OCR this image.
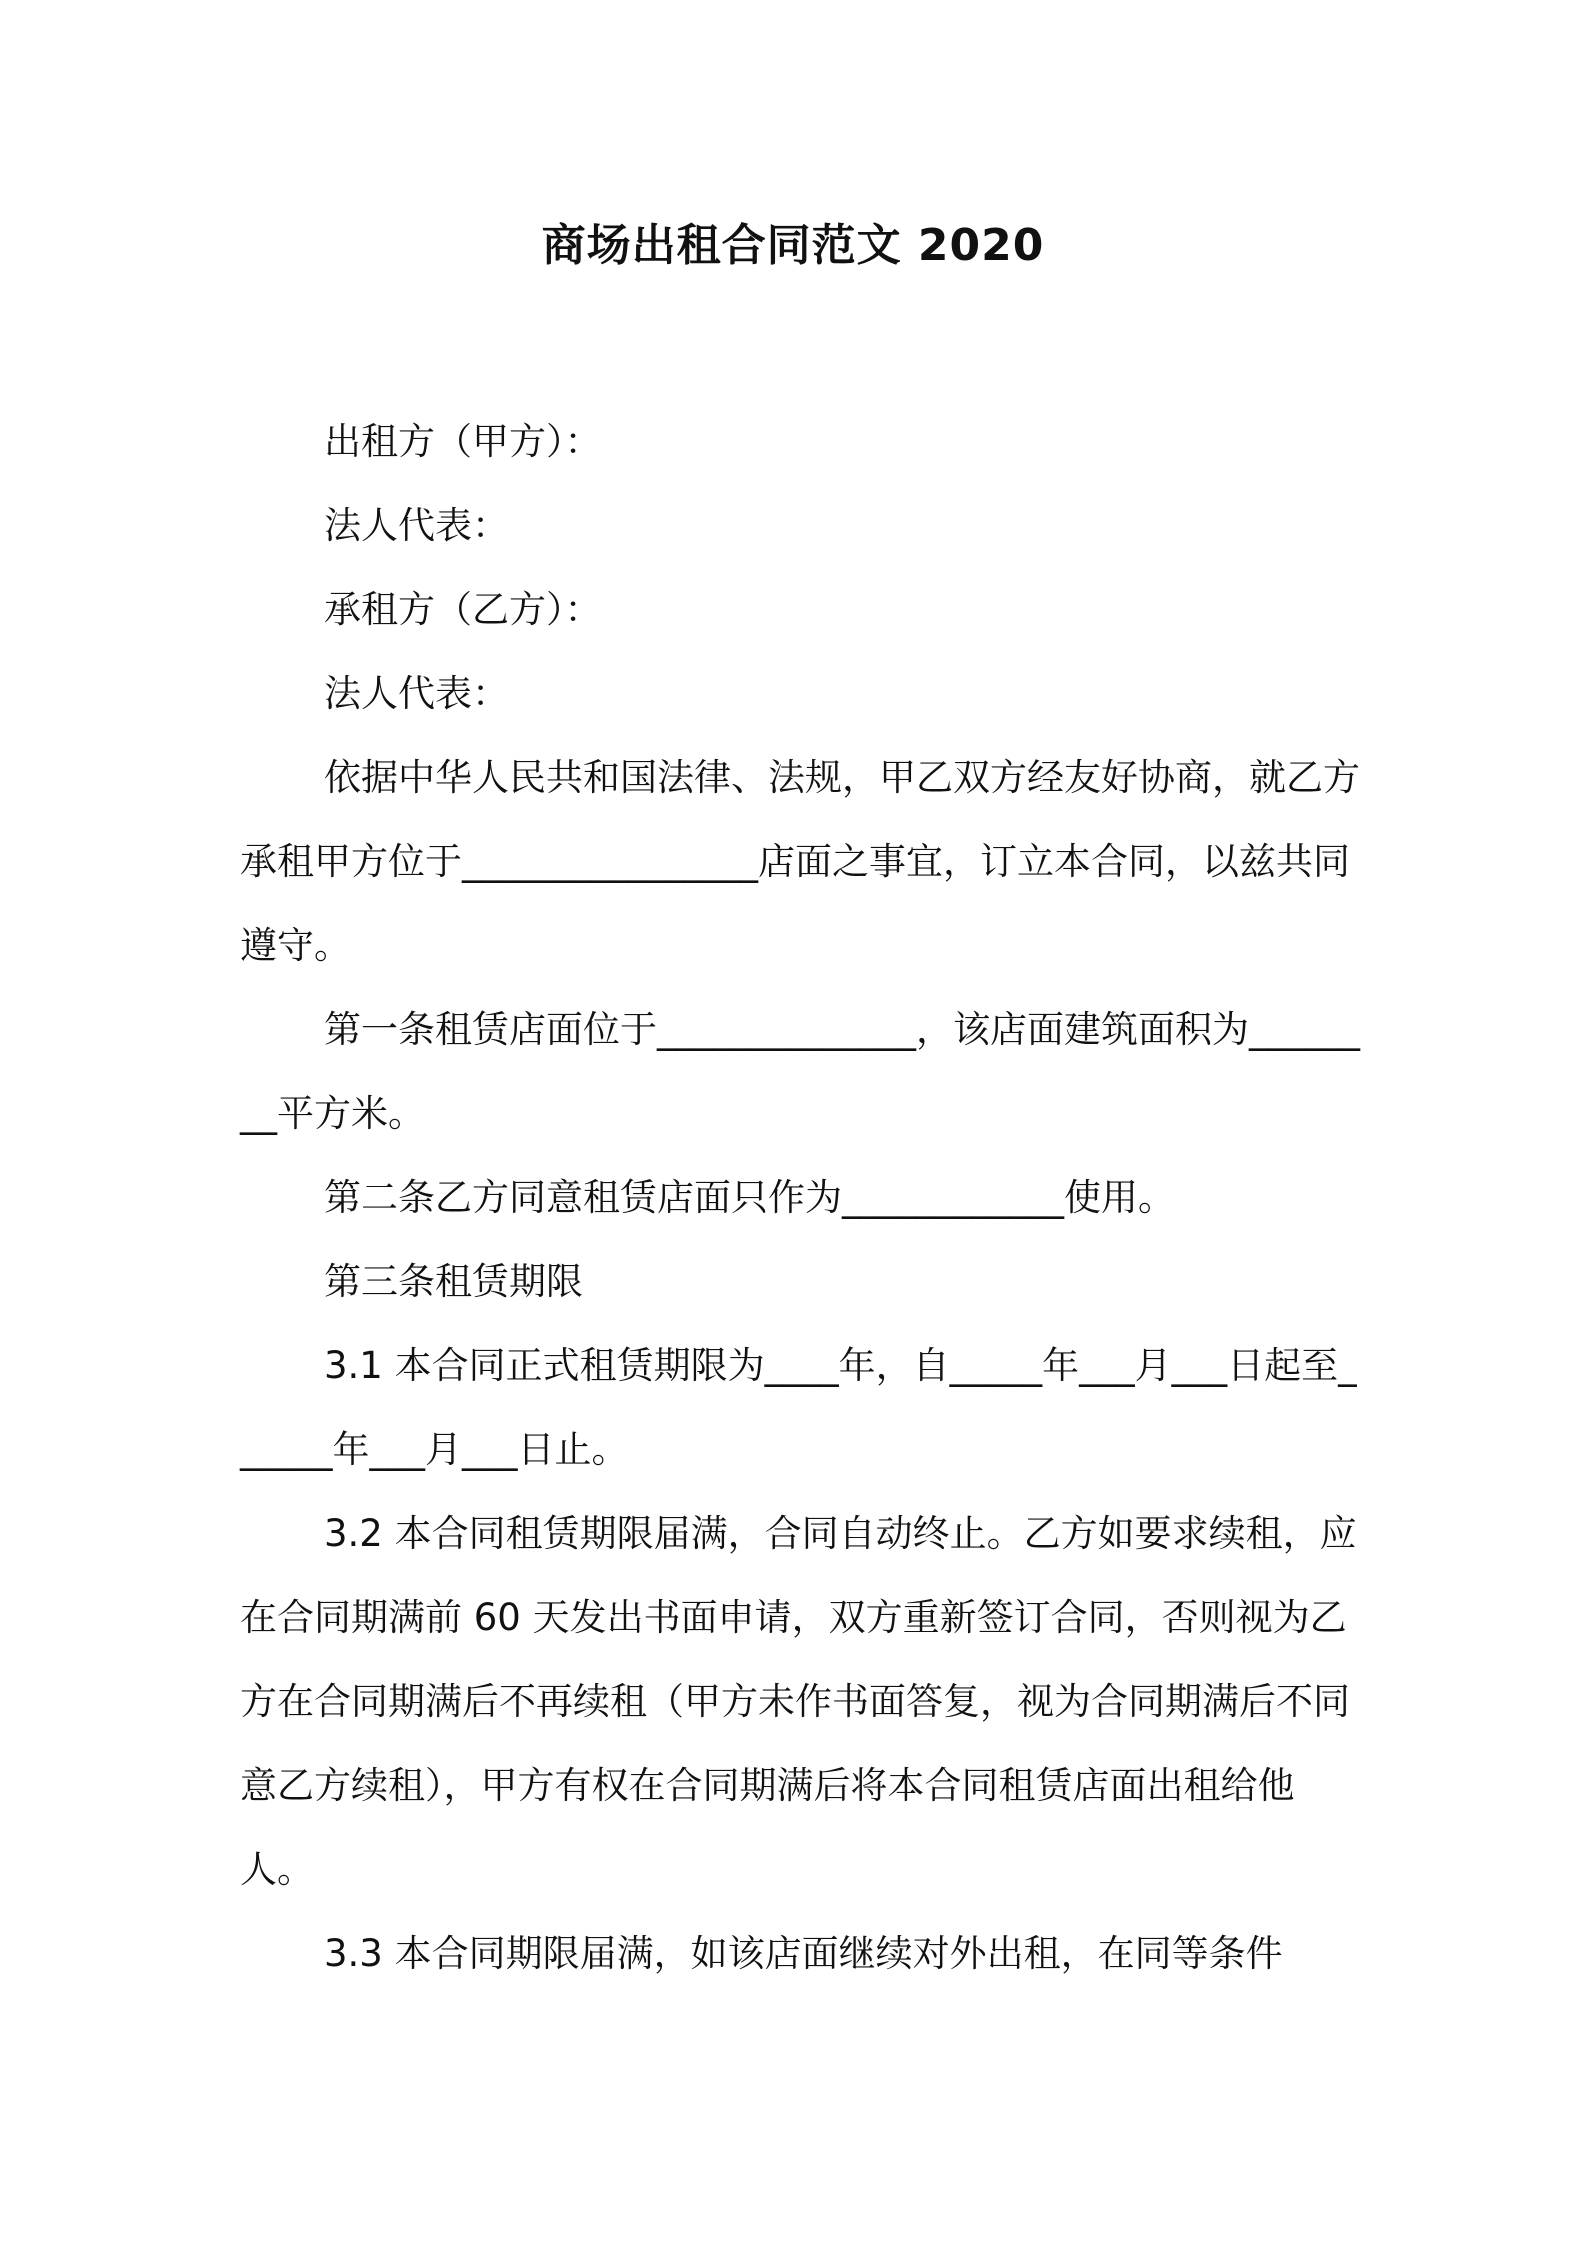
商场出租合同范文 2020

出租方（甲方）：

法人代表：

承租方（乙方）：

法人代表：

依据中华人民共和国法律、法规，甲乙双方经友好协商，就乙方承租甲方位于________________店面之事宜，订立本合同，以兹共同遵守。

第一条租赁店面位于______________，该店面建筑面积为________平方米。

第二条乙方同意租赁店面只作为____________使用。

第三条租赁期限

3.1 本合同正式租赁期限为____年，自_____年___月___日起至______年___月___日止。

3.2 本合同租赁期限届满，合同自动终止。乙方如要求续租，应在合同期满前 60 天发出书面申请，双方重新签订合同，否则视为乙方在合同期满后不再续租（甲方未作书面答复，视为合同期满后不同意乙方续租），甲方有权在合同期满后将本合同租赁店面出租给他人。

3.3 本合同期限届满，如该店面继续对外出租，在同等条件
